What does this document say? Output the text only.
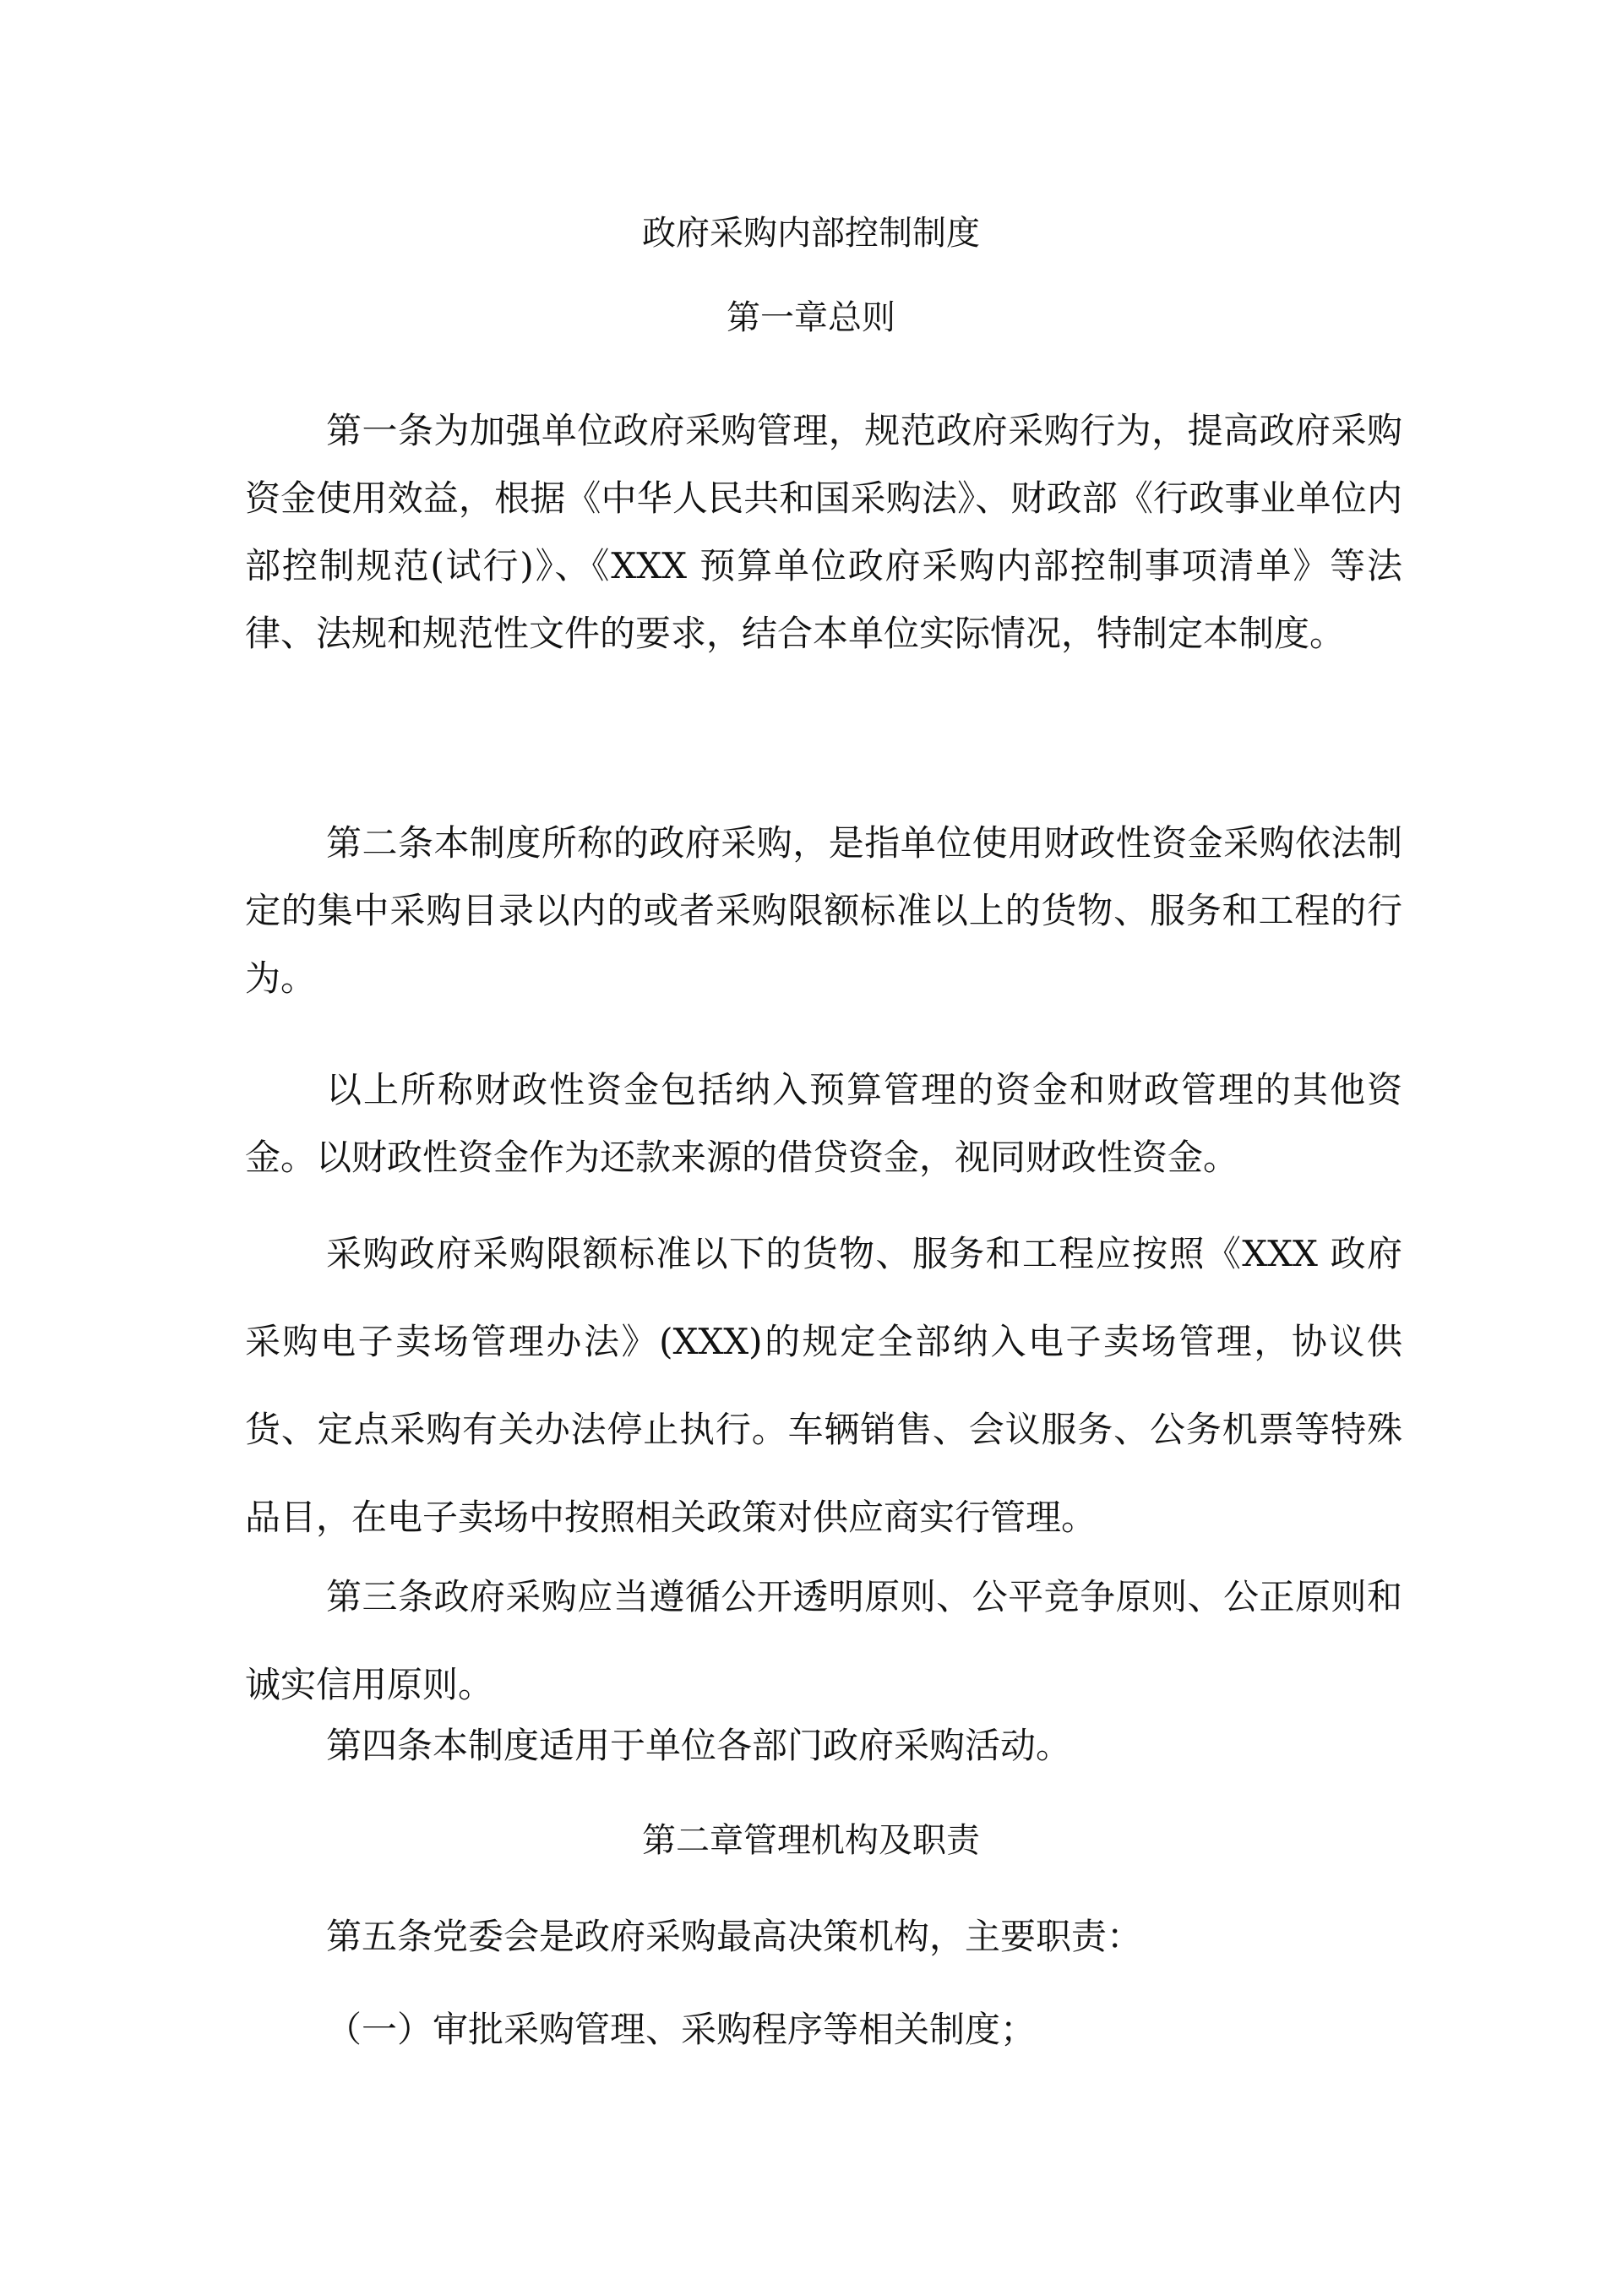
政府采购内部控制制度
第一章总则
第一条为加强单位政府采购管理，规范政府采购行为，提高政府采购资金使用效益，根据《中华人民共和国采购法》、财政部《行政事业单位内部控制规范(试行)》、《XXX 预算单位政府采购内部控制事项清单》等法律、法规和规范性文件的要求，结合本单位实际情况，特制定本制度。
第二条本制度所称的政府采购，是指单位使用财政性资金采购依法制定的集中采购目录以内的或者采购限额标准以上的货物、服务和工程的行为。
以上所称财政性资金包括纳入预算管理的资金和财政管理的其他资金。以财政性资金作为还款来源的借贷资金，视同财政性资金。
采购政府采购限额标准以下的货物、服务和工程应按照《XXX 政府采购电子卖场管理办法》(XXX)的规定全部纳入电子卖场管理，协议供货、定点采购有关办法停止执行。车辆销售、会议服务、公务机票等特殊品目，在电子卖场中按照相关政策对供应商实行管理。
第三条政府采购应当遵循公开透明原则、公平竞争原则、公正原则和诚实信用原则。
第四条本制度适用于单位各部门政府采购活动。
第二章管理机构及职责
第五条党委会是政府采购最高决策机构，主要职责：
（一）审批采购管理、采购程序等相关制度；
